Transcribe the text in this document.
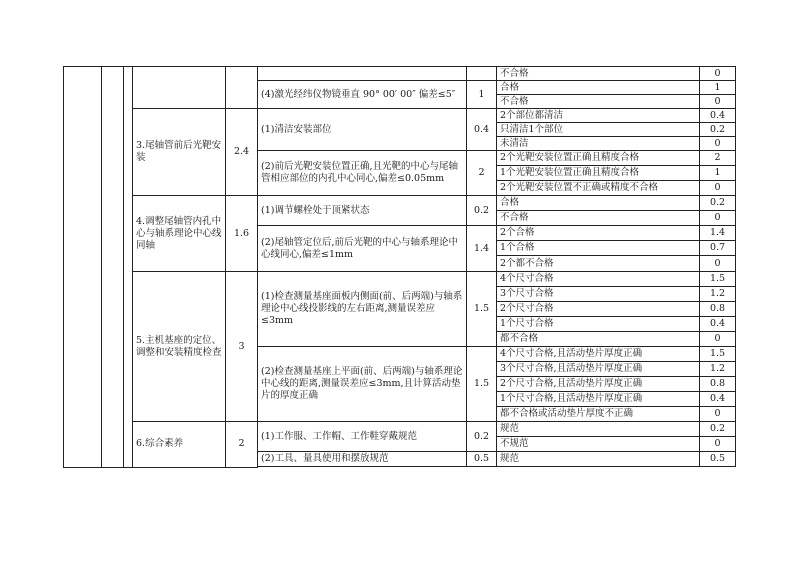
							不合格	0	
					(4)激光经纬仪物镜垂直 90° 00′ 00″ 偏差≤5″	1	合格	1	
							不合格	0	
			3.尾轴管前后光靶安装	2.4	(1)清洁安装部位	0.4	2个部位都清洁	0.4	
							只清洁1个部位	0.2	
							未清洁	0	
					(2)前后光靶安装位置正确,且光靶的中心与尾轴管相应部位的内孔中心同心,偏差≤0.05mm	2	2个光靶安装位置正确且精度合格	2	
							1个光靶安装位置正确且精度合格	1	
							2个光靶安装位置不正确或精度不合格	0	
			4.调整尾轴管内孔中心与轴系理论中心线同轴	1.6	(1)调节螺栓处于顶紧状态	0.2	合格	0.2	
							不合格	0	
					(2)尾轴管定位后,前后光靶的中心与轴系理论中心线同心,偏差≤1mm	1.4	2个合格	1.4	
							1个合格	0.7	
							2个都不合格	0	
			5.主机基座的定位、调整和安装精度检查	3	(1)检查测量基座面板内侧面(前、后两端)与轴系理论中心线投影线的左右距离,测量误差应≤3mm	1.5	4个尺寸合格	1.5	
							3个尺寸合格	1.2	
							2个尺寸合格	0.8	
							1个尺寸合格	0.4	
							都不合格	0	
					(2)检查测量基座上平面(前、后两端)与轴系理论中心线的距离,测量误差应≤3mm,且计算活动垫片的厚度正确	1.5	4个尺寸合格,且活动垫片厚度正确	1.5	
							3个尺寸合格,且活动垫片厚度正确	1.2	
							2个尺寸合格,且活动垫片厚度正确	0.8	
							1个尺寸合格,且活动垫片厚度正确	0.4	
							都不合格或活动垫片厚度不正确	0	
			6.综合素养	2	(1)工作服、工作帽、工作鞋穿戴规范	0.2	规范	0.2	
							不规范	0	
					(2)工具、量具使用和摆放规范	0.5	规范	0.5	
